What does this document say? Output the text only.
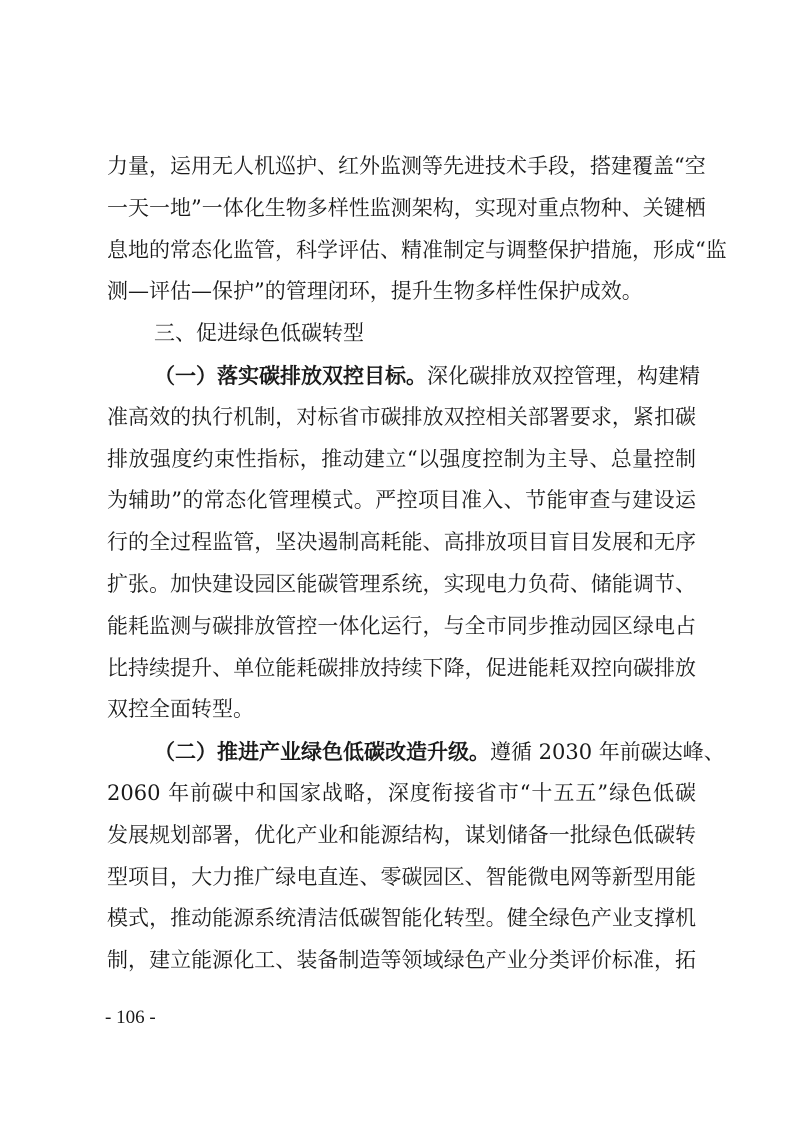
力量，运用无人机巡护、红外监测等先进技术手段，搭建覆盖“空
一天一地”一体化生物多样性监测架构，实现对重点物种、关键栖
息地的常态化监管，科学评估、精准制定与调整保护措施，形成“监
测—评估—保护”的管理闭环，提升生物多样性保护成效。
三、促进绿色低碳转型
（一）落实碳排放双控目标。深化碳排放双控管理，构建精
准高效的执行机制，对标省市碳排放双控相关部署要求，紧扣碳
排放强度约束性指标，推动建立“以强度控制为主导、总量控制
为辅助”的常态化管理模式。严控项目准入、节能审查与建设运
行的全过程监管，坚决遏制高耗能、高排放项目盲目发展和无序
扩张。加快建设园区能碳管理系统，实现电力负荷、储能调节、
能耗监测与碳排放管控一体化运行，与全市同步推动园区绿电占
比持续提升、单位能耗碳排放持续下降，促进能耗双控向碳排放
双控全面转型。
（二）推进产业绿色低碳改造升级。遵循 2030 年前碳达峰、
2060 年前碳中和国家战略，深度衔接省市“十五五”绿色低碳
发展规划部署，优化产业和能源结构，谋划储备一批绿色低碳转
型项目，大力推广绿电直连、零碳园区、智能微电网等新型用能
模式，推动能源系统清洁低碳智能化转型。健全绿色产业支撑机
制，建立能源化工、装备制造等领域绿色产业分类评价标准，拓
- 106 -
